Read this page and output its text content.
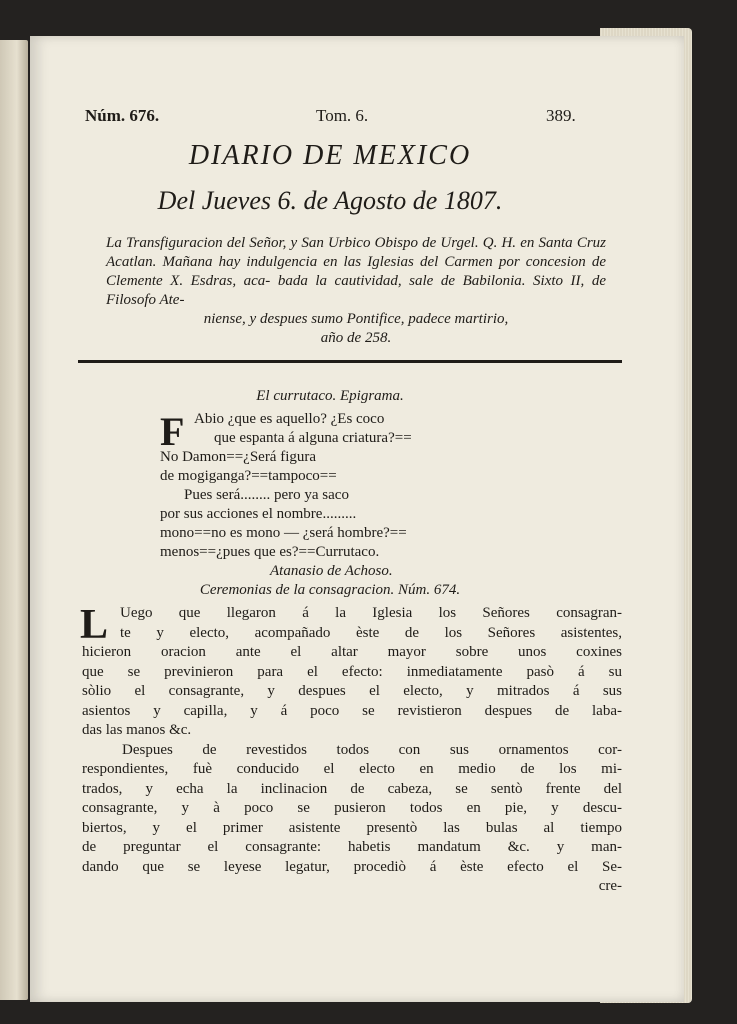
Núm. 676.	Tom. 6.	389.
DIARIO DE MEXICO
Del Jueves 6. de Agosto de 1807.
La Transfiguracion del Señor, y San Urbico Obispo de Urgel. Q. H. en Santa Cruz Acatlan. Mañana hay indulgencia en las Iglesias del Carmen por concesion de Clemente X. Esdras, aca- bada la cautividad, sale de Babilonia. Sixto II, de Filosofo Ate-
niense, y despues sumo Pontifice, padece martirio,
año de 258.
El currutaco. Epigrama.
F Abio ¿que es aquello? ¿Es coco
que espanta á alguna criatura?==
No Damon==¿Será figura
de mogiganga?==tampoco==
Pues será........ pero ya saco
por sus acciones el nombre.........
mono==no es mono — ¿será hombre?==
menos==¿pues que es?==Currutaco.
Atanasio de Achoso.
Ceremonias de la consagracion. Núm. 674.
L Uego que llegaron á la Iglesia los Señores consagran-
te y electo, acompañado èste de los Señores asistentes,
hicieron oracion ante el altar mayor sobre unos coxines
que se previnieron para el efecto: inmediatamente pasò á su
sòlio el consagrante, y despues el electo, y mitrados á sus
asientos y capilla, y á poco se revistieron despues de laba-
das las manos &c.
Despues de revestidos todos con sus ornamentos cor-
respondientes, fuè conducido el electo en medio de los mi-
trados, y echa la inclinacion de cabeza, se sentò frente del
consagrante, y à poco se pusieron todos en pie, y descu-
biertos, y el primer asistente presentò las bulas al tiempo
de preguntar el consagrante: habetis mandatum &c. y man-
dando que se leyese legatur, procediò á èste efecto el Se-
cre-
